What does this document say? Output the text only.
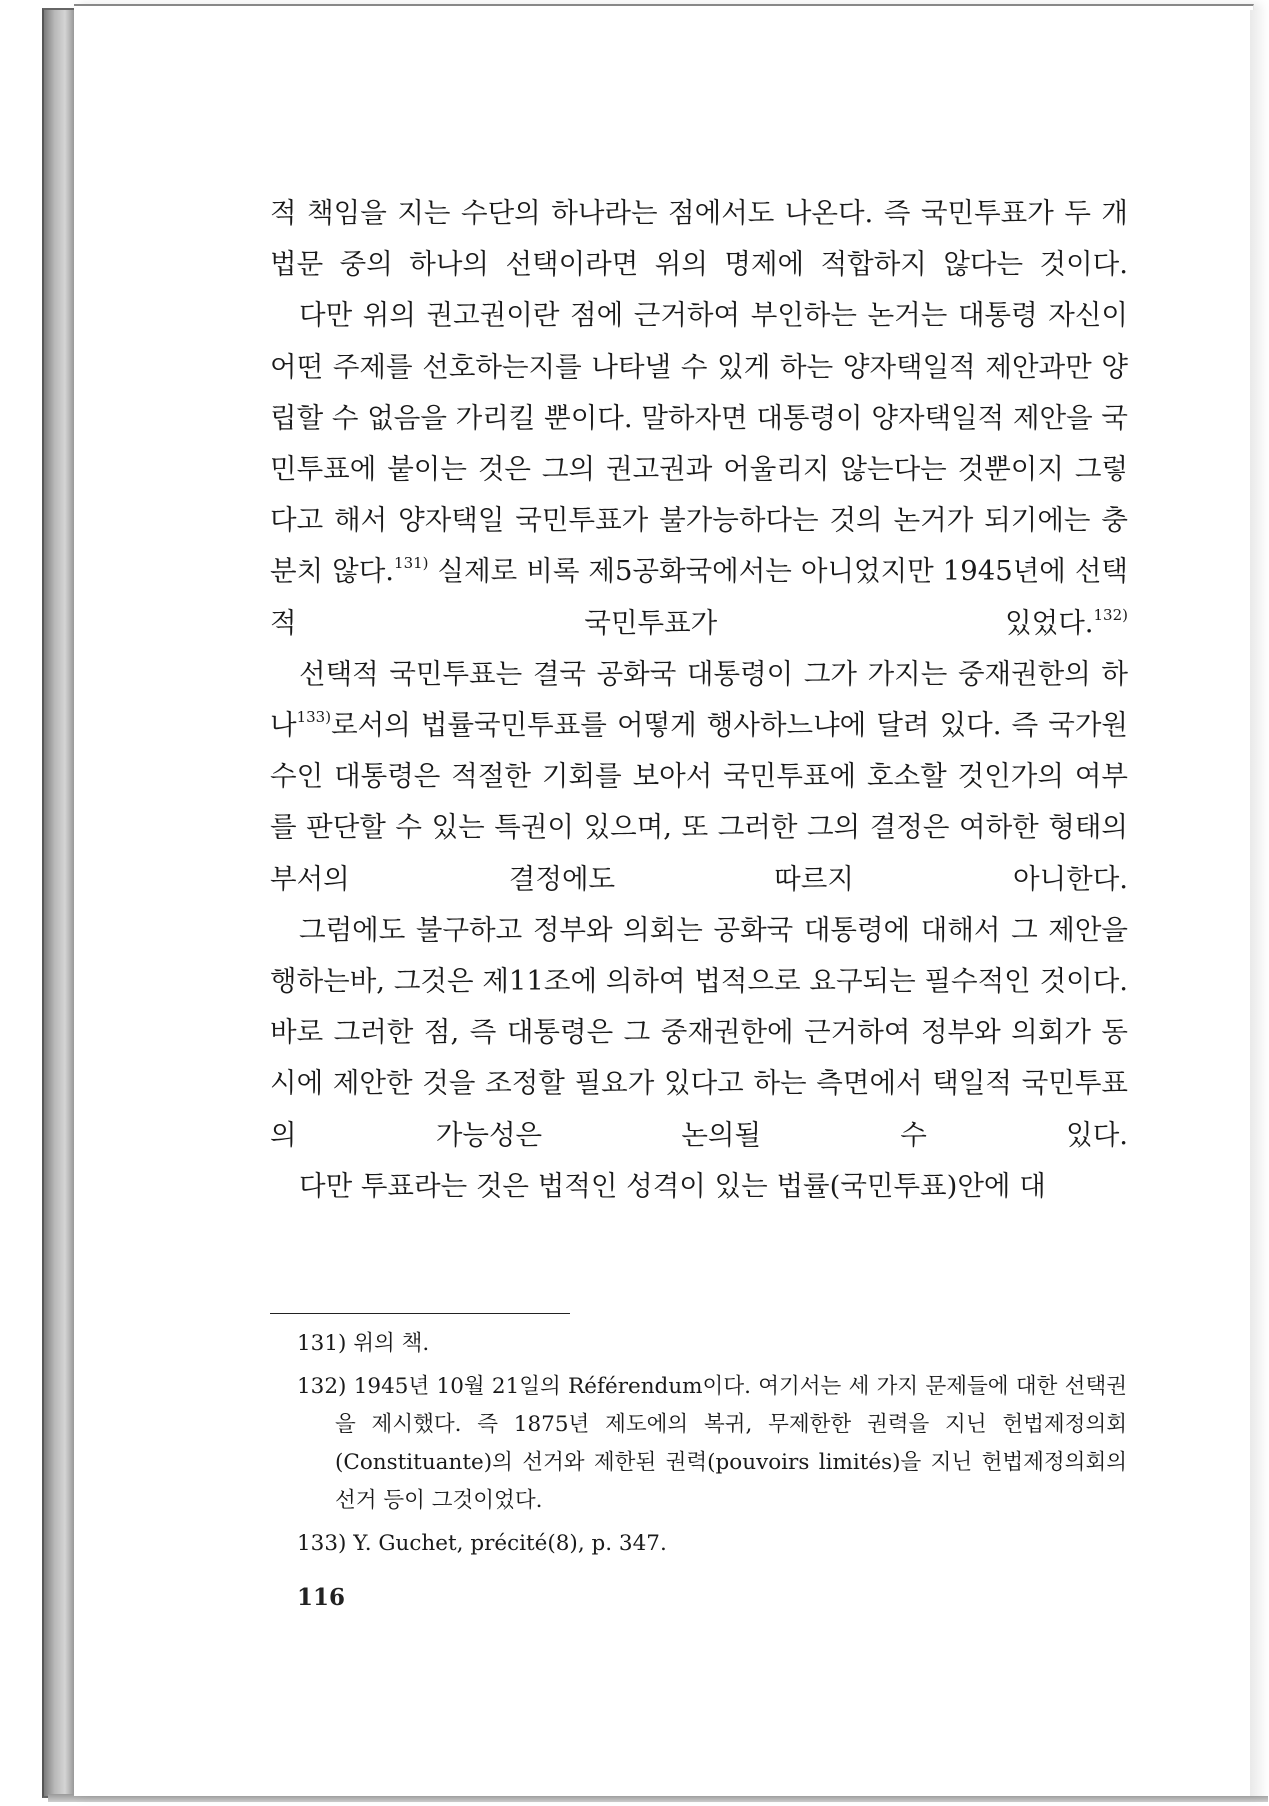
적 책임을 지는 수단의 하나라는 점에서도 나온다. 즉 국민투표가 두 개 법문 중의 하나의 선택이라면 위의 명제에 적합하지 않다는 것이다.

다만 위의 권고권이란 점에 근거하여 부인하는 논거는 대통령 자신이 어떤 주제를 선호하는지를 나타낼 수 있게 하는 양자택일적 제안과만 양립할 수 없음을 가리킬 뿐이다. 말하자면 대통령이 양자택일적 제안을 국민투표에 붙이는 것은 그의 권고권과 어울리지 않는다는 것뿐이지 그렇다고 해서 양자택일 국민투표가 불가능하다는 것의 논거가 되기에는 충분치 않다.$^{131)}$ 실제로 비록 제5공화국에서는 아니었지만 1945년에 선택적 국민투표가 있었다.$^{132)}$

선택적 국민투표는 결국 공화국 대통령이 그가 가지는 중재권한의 하나$^{133)}$로서의 법률국민투표를 어떻게 행사하느냐에 달려 있다. 즉 국가원수인 대통령은 적절한 기회를 보아서 국민투표에 호소할 것인가의 여부를 판단할 수 있는 특권이 있으며, 또 그러한 그의 결정은 여하한 형태의 부서의 결정에도 따르지 아니한다.

그럼에도 불구하고 정부와 의회는 공화국 대통령에 대해서 그 제안을 행하는바, 그것은 제11조에 의하여 법적으로 요구되는 필수적인 것이다. 바로 그러한 점, 즉 대통령은 그 중재권한에 근거하여 정부와 의회가 동시에 제안한 것을 조정할 필요가 있다고 하는 측면에서 택일적 국민투표의 가능성은 논의될 수 있다.

다만 투표라는 것은 법적인 성격이 있는 법률(국민투표)안에 대

131) 위의 책.

132) 1945년 10월 21일의 Référendum이다. 여기서는 세 가지 문제들에 대한 선택권을 제시했다. 즉 1875년 제도에의 복귀, 무제한한 권력을 지닌 헌법제정의회(Constituante)의 선거와 제한된 권력(pouvoirs limités)을 지닌 헌법제정의회의 선거 등이 그것이었다.

133) Y. Guchet, précité(8), p. 347.

116
